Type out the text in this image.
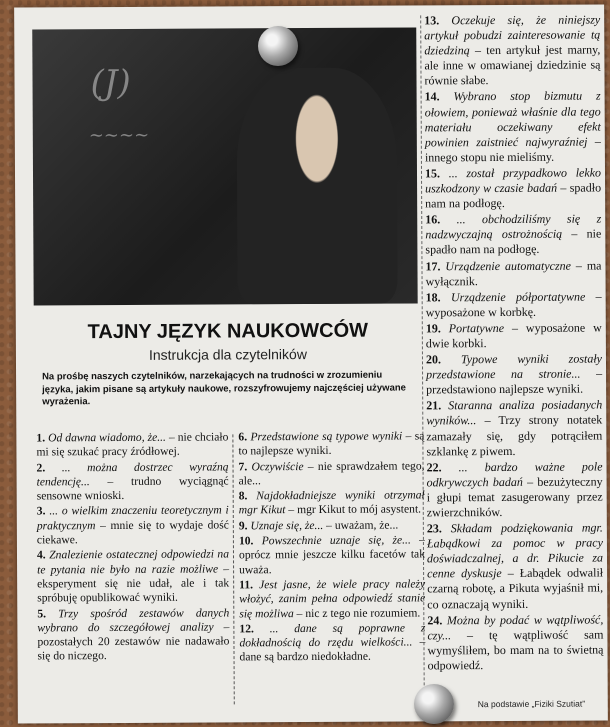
(J)
~~~~
TAJNY JĘZYK NAUKOWCÓW
Instrukcja dla czytelników
Na prośbę naszych czytelników, narzekających na trudności w zrozumieniu języka, jakim pisane są artykuły naukowe, rozszyfrowujemy najczęściej używane wyrażenia.

1. Od dawna wiadomo, że... – nie chciało mi się szukać pracy źródłowej.

2. ... można dostrzec wyraźną tendencję... – trudno wyciągnąć sensowne wnioski.

3. ... o wielkim znaczeniu teoretycznym i praktycznym – mnie się to wydaje dość ciekawe.

4. Znalezienie ostatecznej odpowiedzi na te pytania nie było na razie możliwe – eksperyment się nie udał, ale i tak spróbuję opublikować wyniki.

5. Trzy spośród zestawów danych wybrano do szczegółowej analizy – pozostałych 20 zestawów nie nadawało się do niczego.

6. Przedstawione są typowe wyniki – są to najlepsze wyniki.

7. Oczywiście – nie sprawdzałem tego, ale...

8. Najdokładniejsze wyniki otrzymał mgr Kikut – mgr Kikut to mój asystent.

9. Uznaje się, że... – uważam, że...

10. Powszechnie uznaje się, że... – oprócz mnie jeszcze kilku facetów tak uważa.

11. Jest jasne, że wiele pracy należy włożyć, zanim pełna odpowiedź stanie się możliwa – nic z tego nie rozumiem.

12. ... dane są poprawne z dokładnością do rzędu wielkości... – dane są bardzo niedokładne.

13. Oczekuje się, że niniejszy artykuł pobudzi zainteresowanie tą dziedziną – ten artykuł jest marny, ale inne w omawianej dziedzinie są równie słabe.

14. Wybrano stop bizmutu z ołowiem, ponieważ właśnie dla tego materiału oczekiwany efekt powinien zaistnieć najwyraźniej – innego stopu nie mieliśmy.

15. ... został przypadkowo lekko uszkodzony w czasie badań – spadło nam na podłogę.

16. ... obchodziliśmy się z nadzwyczajną ostrożnością – nie spadło nam na podłogę.

17. Urządzenie automatyczne – ma wyłącznik.

18. Urządzenie półportatywne – wyposażone w korbkę.

19. Portatywne – wyposażone w dwie korbki.

20. Typowe wyniki zostały przedstawione na stronie... – przedstawiono najlepsze wyniki.

21. Staranna analiza posiadanych wyników... – Trzy strony notatek zamazały się, gdy potrąciłem szklankę z piwem.

22. ... bardzo ważne pole odkrywczych badań – bezużyteczny i głupi temat zasugerowany przez zwierzchników.

23. Składam podziękowania mgr. Łabądkowi za pomoc w pracy doświadczalnej, a dr. Pikucie za cenne dyskusje – Łabądek odwalił czarną robotę, a Pikuta wyjaśnił mi, co oznaczają wyniki.

24. Można by podać w wątpliwość, czy... – tę wątpliwość sam wymyśliłem, bo mam na to świetną odpowiedź.

Na podstawie „Fiziki Szutiat”
